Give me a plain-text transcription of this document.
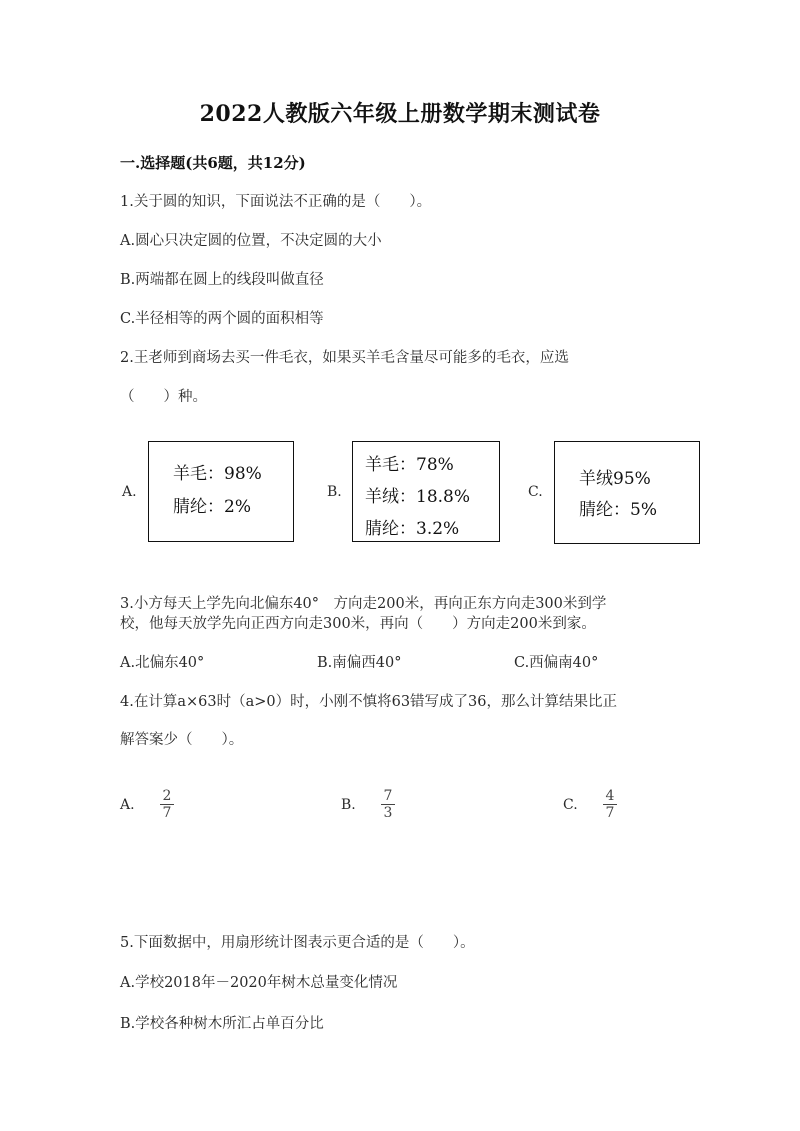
2022人教版六年级上册数学期末测试卷
一.选择题(共6题，共12分)
1.关于圆的知识，下面说法不正确的是（　　）。
A.圆心只决定圆的位置，不决定圆的大小
B.两端都在圆上的线段叫做直径
C.半径相等的两个圆的面积相等
2.王老师到商场去买一件毛衣，如果买羊毛含量尽可能多的毛衣，应选
（　　）种。
A.
羊毛：98%
腈纶：2%
B.
羊毛：78%
羊绒：18.8%
腈纶：3.2%
C.
羊绒95%
腈纶：5%
3.小方每天上学先向北偏东40°　方向走200米，再向正东方向走300米到学
校，他每天放学先向正西方向走300米，再向（　　）方向走200米到家。
A.北偏东40°	B.南偏西40°	C.西偏南40°
4.在计算a×63时（a>0）时，小刚不慎将63错写成了36，那么计算结果比正
解答案少（　　）。
A.
2
7	B.
7
3	C.
4
7
5.下面数据中，用扇形统计图表示更合适的是（　　）。
A.学校2018年－2020年树木总量变化情况
B.学校各种树木所汇占单百分比
